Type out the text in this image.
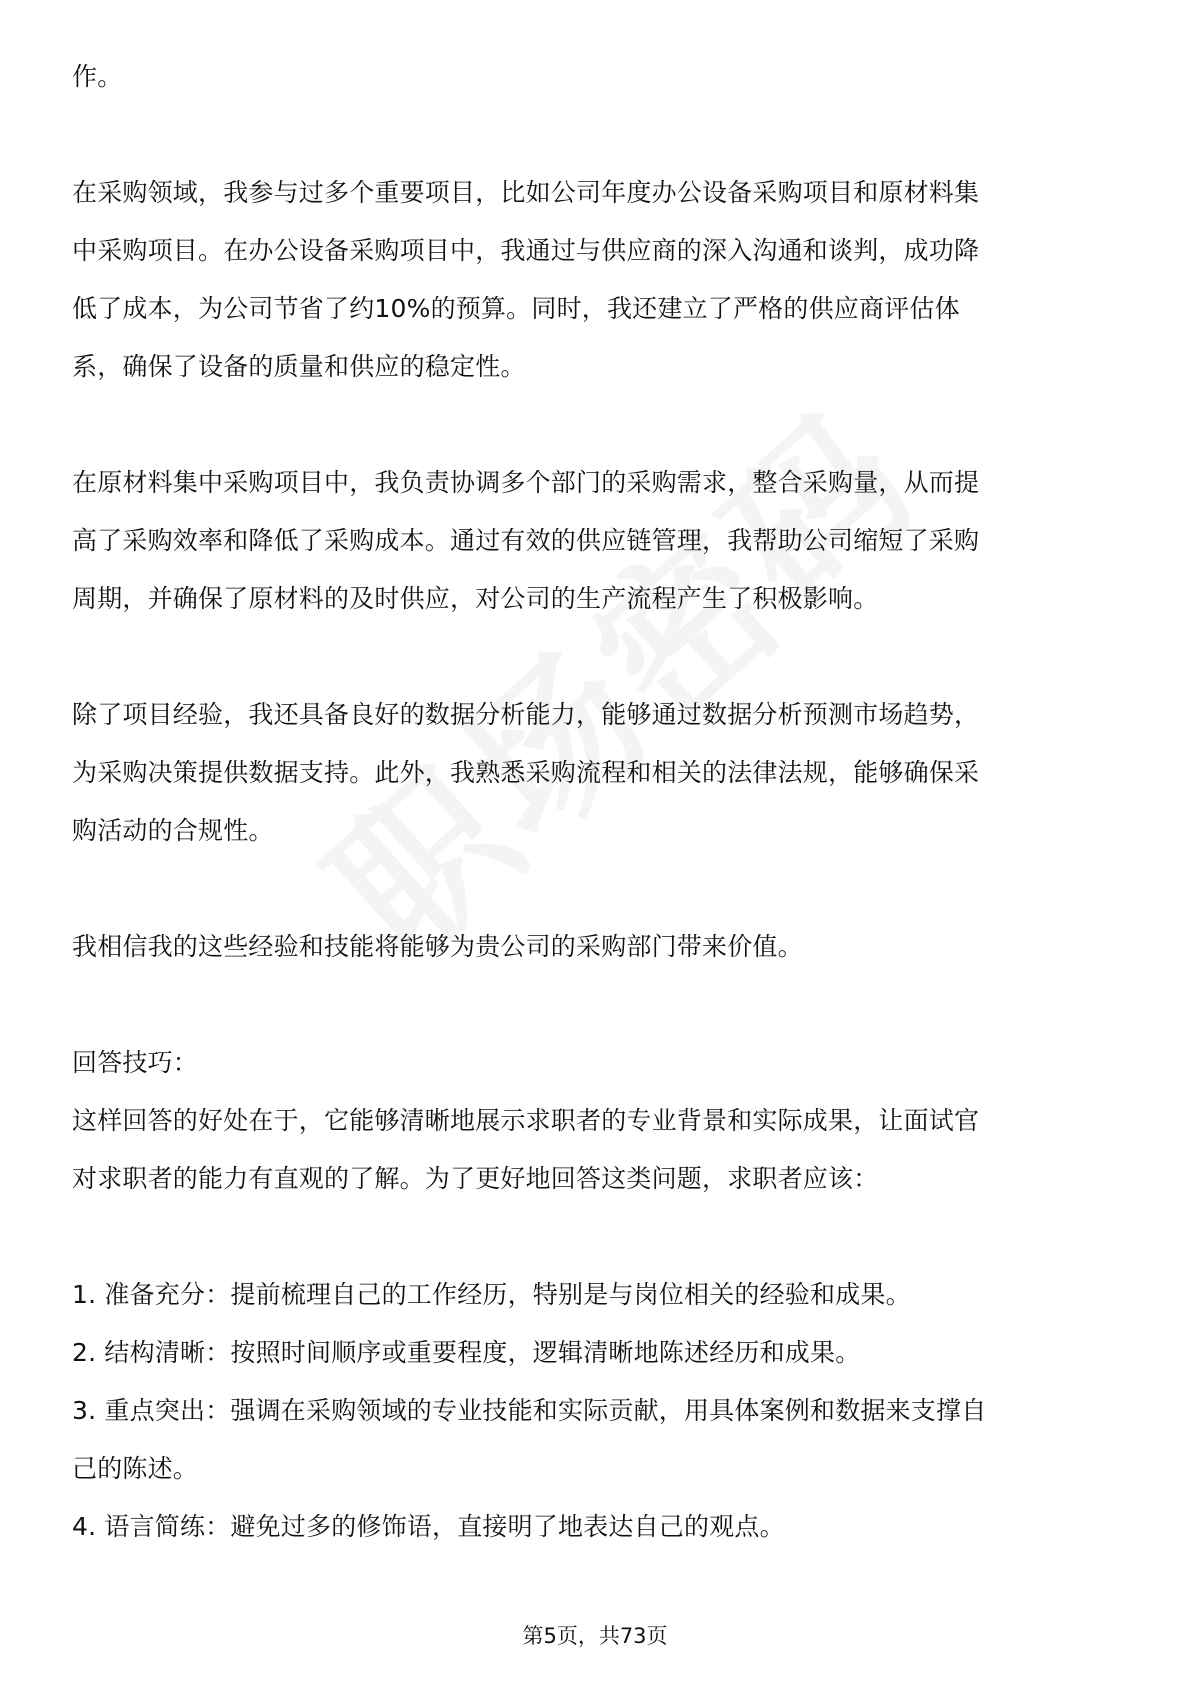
作。
在采购领域，我参与过多个重要项目，比如公司年度办公设备采购项目和原材料集
中采购项目。在办公设备采购项目中，我通过与供应商的深入沟通和谈判，成功降
低了成本，为公司节省了约10%的预算。同时，我还建立了严格的供应商评估体
系，确保了设备的质量和供应的稳定性。
在原材料集中采购项目中，我负责协调多个部门的采购需求，整合采购量，从而提
高了采购效率和降低了采购成本。通过有效的供应链管理，我帮助公司缩短了采购
周期，并确保了原材料的及时供应，对公司的生产流程产生了积极影响。
除了项目经验，我还具备良好的数据分析能力，能够通过数据分析预测市场趋势，
为采购决策提供数据支持。此外，我熟悉采购流程和相关的法律法规，能够确保采
购活动的合规性。
我相信我的这些经验和技能将能够为贵公司的采购部门带来价值。
回答技巧：
这样回答的好处在于，它能够清晰地展示求职者的专业背景和实际成果，让面试官
对求职者的能力有直观的了解。为了更好地回答这类问题，求职者应该：
1. 准备充分：提前梳理自己的工作经历，特别是与岗位相关的经验和成果。
2. 结构清晰：按照时间顺序或重要程度，逻辑清晰地陈述经历和成果。
3. 重点突出：强调在采购领域的专业技能和实际贡献，用具体案例和数据来支撑自
己的陈述。
4. 语言简练：避免过多的修饰语，直接明了地表达自己的观点。
第5页，共73页
